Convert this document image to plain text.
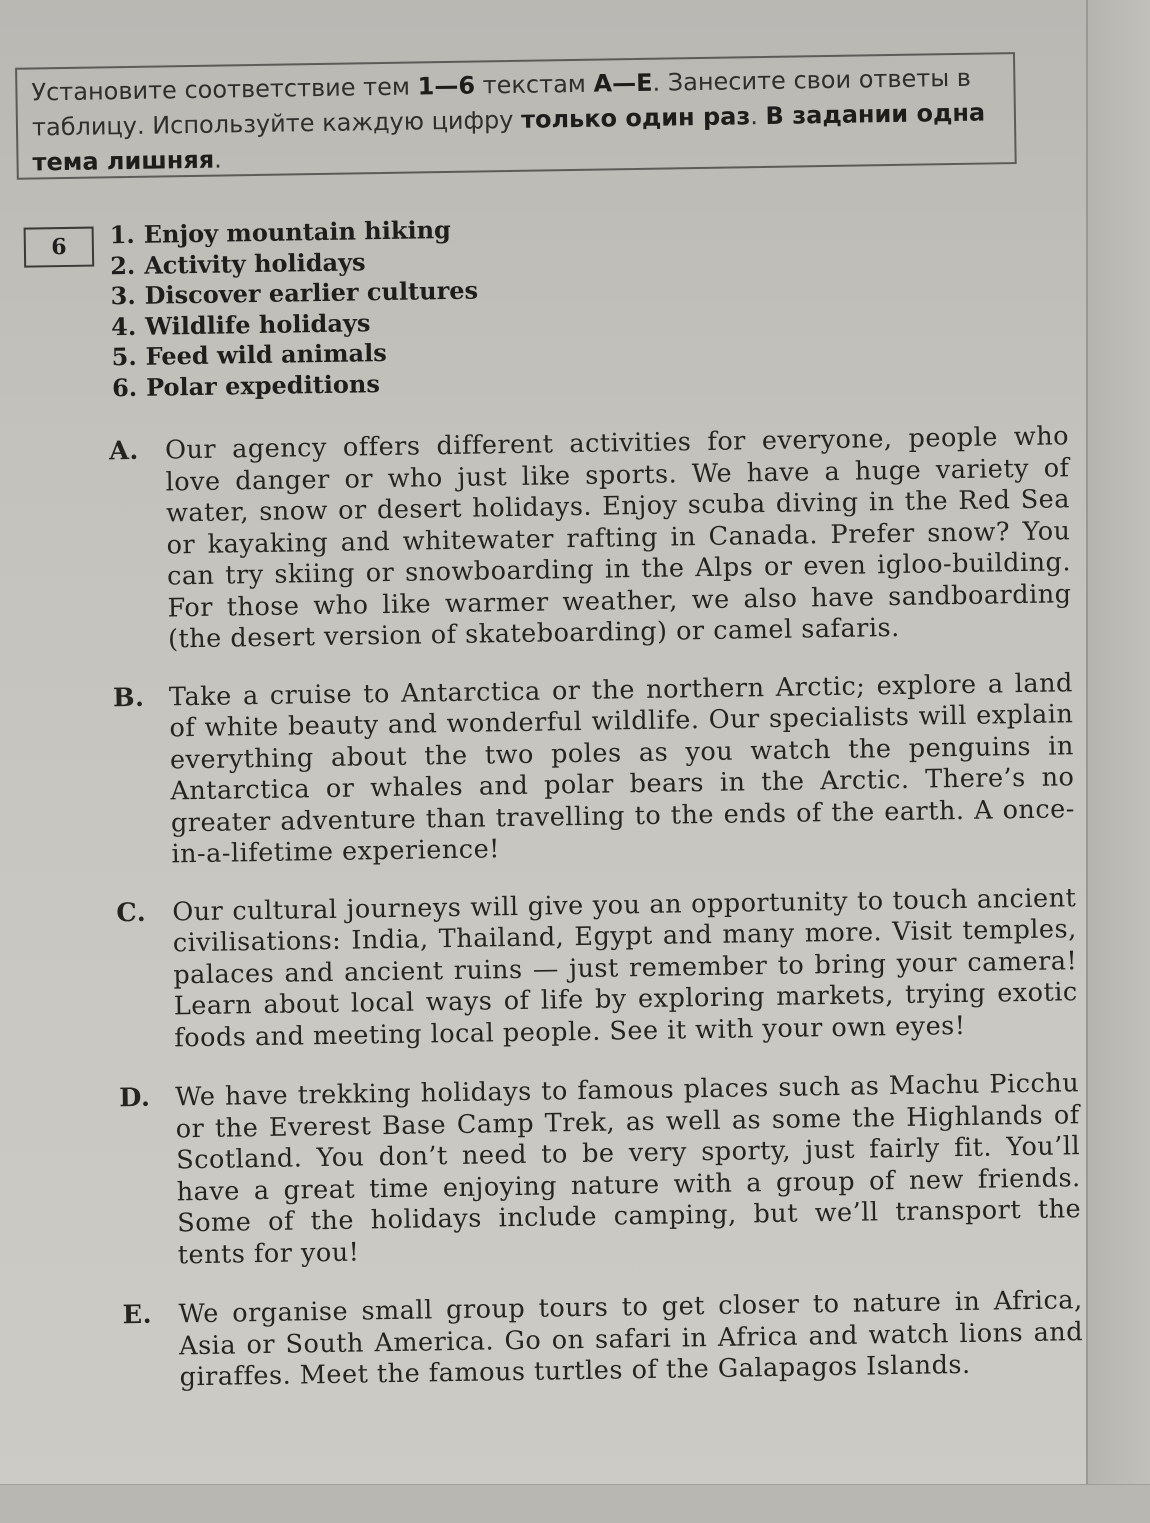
Установите соответствие тем 1—6 текстам A—E. Занесите свои ответы в таблицу. Используйте каждую цифру только один раз. В задании одна тема лишняя.
6	1. Enjoy mountain hiking
2. Activity holidays
3. Discover earlier cultures
4. Wildlife holidays
5. Feed wild animals
6. Polar expeditions
A. Our agency offers different activities for everyone, people who love danger or who just like sports. We have a huge variety of water, snow or desert holidays. Enjoy scuba diving in the Red Sea or kayaking and whitewater rafting in Canada. Prefer snow? You can try skiing or snowboarding in the Alps or even igloo-building. For those who like warmer weather, we also have sandboarding (the desert version of skateboarding) or camel safaris.
B. Take a cruise to Antarctica or the northern Arctic; explore a land of white beauty and wonderful wildlife. Our specialists will explain everything about the two poles as you watch the penguins in Antarctica or whales and polar bears in the Arctic. There’s no greater adventure than travelling to the ends of the earth. A once-in-a-lifetime experience!
C. Our cultural journeys will give you an opportunity to touch ancient civilisations: India, Thailand, Egypt and many more. Visit temples, palaces and ancient ruins — just remember to bring your camera! Learn about local ways of life by exploring markets, trying exotic foods and meeting local people. See it with your own eyes!
D. We have trekking holidays to famous places such as Machu Picchu or the Everest Base Camp Trek, as well as some the Highlands of Scotland. You don’t need to be very sporty, just fairly fit. You’ll have a great time enjoying nature with a group of new friends. Some of the holidays include camping, but we’ll transport the tents for you!
E. We organise small group tours to get closer to nature in Africa, Asia or South America. Go on safari in Africa and watch lions and giraffes. Meet the famous turtles of the Galapagos Islands.
